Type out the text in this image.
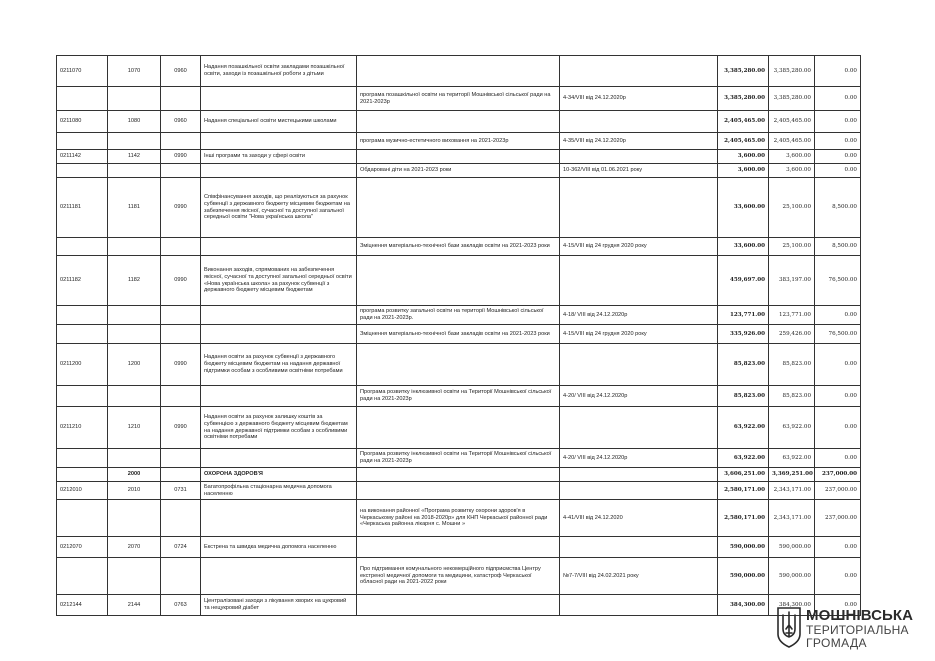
0211070	1070	0960	Надання позашкільної освіти закладами позашкільної освіти, заходи із позашкільної роботи з дітьми			3,385,280.00	3,385,280.00	0.00
				програма позашкільної освіти на території Мошнівської сільської ради на 2021-2023р	4-34/VIII від 24.12.2020р	3,385,280.00	3,385,280.00	0.00
0211080	1080	0960	Надання спеціальної освіти мистецькими школами			2,405,465.00	2,405,465.00	0.00
				програма музично-естетичного виховання на 2021-2023р	4-35/VIII від 24.12.2020р	2,405,465.00	2,405,465.00	0.00
0211142	1142	0990	Інші програми та заходи у сфері освіти			3,600.00	3,600.00	0.00
				Обдаровані діти на 2021-2023 роки	10-362/VIII від 01.06.2021 року	3,600.00	3,600.00	0.00
0211181	1181	0990	Співфінансування заходів, що реалізуються за рахунок субвенції з державного бюджету місцевим бюджетам на забезпечення якісної, сучасної та доступної загальної середньої освіти "Нова українська школа"			33,600.00	25,100.00	8,500.00
				Зміцнення матеріально-технічної бази закладів освіти на 2021-2023 роки	4-15/VIII від 24 грудня 2020 року	33,600.00	25,100.00	8,500.00
0211182	1182	0990	Виконання заходів, спрямованих на забезпечення якісної, сучасної та доступної загальної середньої освіти «Нова українська школа» за рахунок субвенції з державного бюджету місцевим бюджетам			459,697.00	383,197.00	76,500.00
				програма розвитку загальної освіти на території Мошнівської сільської ради на 2021-2023р.	4-18/ VIII від 24.12.2020р	123,771.00	123,771.00	0.00
				Зміцнення матеріально-технічної бази закладів освіти на 2021-2023 роки	4-15/VIII від 24 грудня 2020 року	335,926.00	259,426.00	76,500.00
0211200	1200	0990	Надання освіти за рахунок субвенції з державного бюджету місцевим бюджетам на надання державної підтримки особам з особливими освітніми потребами			85,823.00	85,823.00	0.00
				Програма розвитку інклюзивної освіти на Території Мошнівської сільської ради на 2021-2023р	4-20/ VIII від 24.12.2020р	85,823.00	85,823.00	0.00
0211210	1210	0990	Надання освіти за рахунок залишку коштів за субвенцією з державного бюджету місцевим бюджетам на надання державної підтримки особам з особливими освітніми потребами			63,922.00	63,922.00	0.00
				Програма розвитку інклюзивної освіти на Території Мошнівської сільської ради на 2021-2023р	4-20/ VIII від 24.12.2020р	63,922.00	63,922.00	0.00
	2000		ОХОРОНА ЗДОРОВ'Я			3,606,251.00	3,369,251.00	237,000.00
0212010	2010	0731	Багатопрофільна стаціонарна медична допомога населенню			2,580,171.00	2,343,171.00	237,000.00
				на виконання районної «Програма розвитку охорони здоров'я в Черкаському районі на 2018-2020р» для КНП Черкаської районної ради «Черкаська районна лікарня с. Мошни »	4-41/VIII від 24.12.2020	2,580,171.00	2,343,171.00	237,000.00
0212070	2070	0724	Екстрена та швидка медична допомога населенню			590,000.00	590,000.00	0.00
				Про підтримання комунального некомерційного підприємства Центру екстреної медичної допомоги та медицини, катастроф Черкаської обласної ради на 2021-2022 роки	№7-7/VIII від 24.02.2021 року	590,000.00	590,000.00	0.00
0212144	2144	0763	Централізовані заходи з лікування хворих на цукровий та нецукровий діабет			384,300.00	384,300.00	0.00
МОШНІВСЬКА
ТЕРИТОРІАЛЬНА
ГРОМАДА
